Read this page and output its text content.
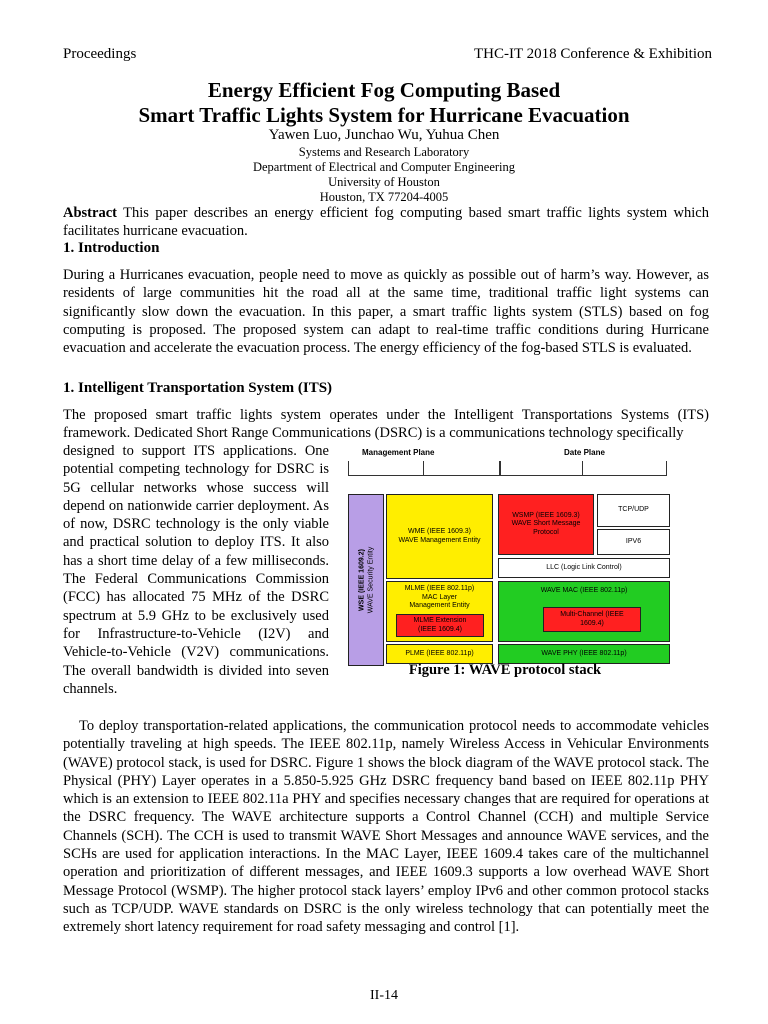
Proceedings	THC-IT 2018 Conference & Exhibition
Energy Efficient Fog Computing Based
Smart Traffic Lights System for Hurricane Evacuation
Yawen Luo, Junchao Wu, Yuhua Chen
Systems and Research Laboratory
Department of Electrical and Computer Engineering
University of Houston
Houston, TX 77204-4005
Abstract This paper describes an energy efficient fog computing based smart traffic lights system which facilitates hurricane evacuation.
1. Introduction
During a Hurricanes evacuation, people need to move as quickly as possible out of harm’s way. However, as residents of large communities hit the road all at the same time, traditional traffic light systems can significantly slow down the evacuation. In this paper, a smart traffic lights system (STLS) based on fog computing is proposed. The proposed system can adapt to real-time traffic conditions during Hurricane evacuation and accelerate the evacuation process. The energy efficiency of the fog-based STLS is evaluated.
1. Intelligent Transportation System (ITS)
The proposed smart traffic lights system operates under the Intelligent Transportations Systems (ITS) framework. Dedicated Short Range Communications (DSRC) is a communications technology specifically
designed to support ITS applications. One potential competing technology for DSRC is 5G cellular networks whose success will depend on nationwide carrier deployment. As of now, DSRC technology is the only viable and practical solution to deploy ITS. It also has a short time delay of a few milliseconds. The Federal Communications Commission (FCC) has allocated 75 MHz of the DSRC spectrum at 5.9 GHz to be exclusively used for Infrastructure-to-Vehicle (I2V) and Vehicle-to-Vehicle (V2V) communications. The overall bandwidth is divided into seven channels.
Management Plane	Date Plane
WSE (IEEE 1609.2) WAVE Security Entity
WME (IEEE 1609.3)
WAVE Management Entity
MLME (IEEE 802.11p)
MAC Layer
Management Entity
MLME Extension
(IEEE 1609.4)
PLME (IEEE 802.11p)
WSMP (IEEE 1609.3)
WAVE Short Message
Protocol
TCP/UDP
IPV6
LLC (Logic Link Control)
WAVE MAC (IEEE 802.11p)
Multi-Channel (IEEE
1609.4)
WAVE PHY (IEEE 802.11p)
Figure 1: WAVE protocol stack
To deploy transportation-related applications, the communication protocol needs to accommodate vehicles potentially traveling at high speeds. The IEEE 802.11p, namely Wireless Access in Vehicular Environments (WAVE) protocol stack, is used for DSRC. Figure 1 shows the block diagram of the WAVE protocol stack. The Physical (PHY) Layer operates in a 5.850-5.925 GHz DSRC frequency band based on IEEE 802.11p PHY which is an extension to IEEE 802.11a PHY and specifies necessary changes that are required for operations at the DSRC frequency. The WAVE architecture supports a Control Channel (CCH) and multiple Service Channels (SCH). The CCH is used to transmit WAVE Short Messages and announce WAVE services, and the SCHs are used for application interactions. In the MAC Layer, IEEE 1609.4 takes care of the multichannel operation and prioritization of different messages, and IEEE 1609.3 supports a low overhead WAVE Short Message Protocol (WSMP). The higher protocol stack layers’ employ IPv6 and other common protocol stacks such as TCP/UDP. WAVE standards on DSRC is the only wireless technology that can potentially meet the extremely short latency requirement for road safety messaging and control [1].
II-14
